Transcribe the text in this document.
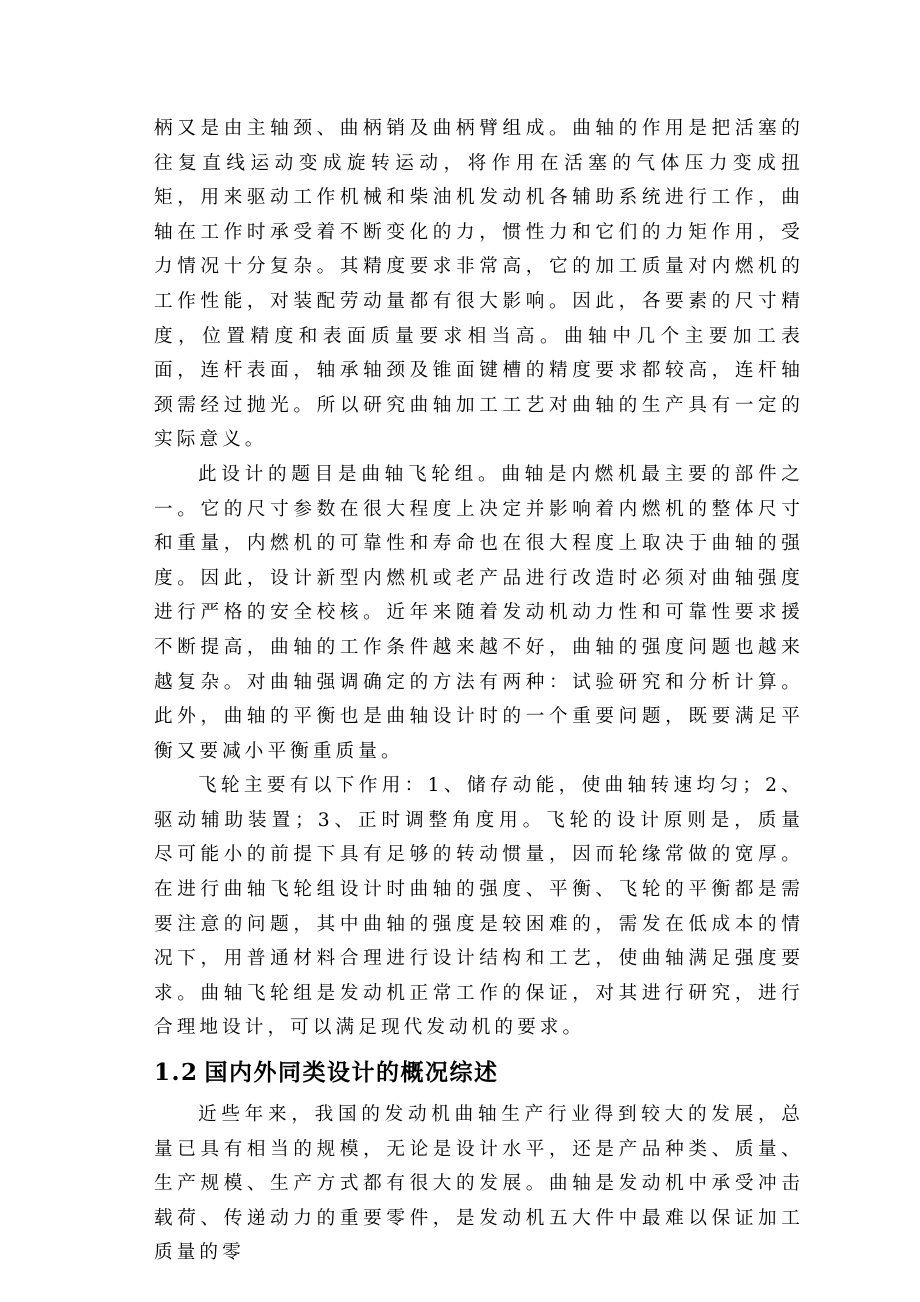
柄又是由主轴颈、曲柄销及曲柄臂组成。曲轴的作用是把活塞的往复直线运动变成旋转运动，将作用在活塞的气体压力变成扭矩，用来驱动工作机械和柴油机发动机各辅助系统进行工作，曲轴在工作时承受着不断变化的力，惯性力和它们的力矩作用，受力情况十分复杂。其精度要求非常高，它的加工质量对内燃机的工作性能，对装配劳动量都有很大影响。因此，各要素的尺寸精度，位置精度和表面质量要求相当高。曲轴中几个主要加工表面，连杆表面，轴承轴颈及锥面键槽的精度要求都较高，连杆轴颈需经过抛光。所以研究曲轴加工工艺对曲轴的生产具有一定的实际意义。

此设计的题目是曲轴飞轮组。曲轴是内燃机最主要的部件之一。它的尺寸参数在很大程度上决定并影响着内燃机的整体尺寸和重量，内燃机的可靠性和寿命也在很大程度上取决于曲轴的强度。因此，设计新型内燃机或老产品进行改造时必须对曲轴强度进行严格的安全校核。近年来随着发动机动力性和可靠性要求援不断提高，曲轴的工作条件越来越不好，曲轴的强度问题也越来越复杂。对曲轴强调确定的方法有两种：试验研究和分析计算。此外，曲轴的平衡也是曲轴设计时的一个重要问题，既要满足平衡又要减小平衡重质量。

飞轮主要有以下作用：1、储存动能，使曲轴转速均匀；2、驱动辅助装置；3、正时调整角度用。飞轮的设计原则是，质量尽可能小的前提下具有足够的转动惯量，因而轮缘常做的宽厚。在进行曲轴飞轮组设计时曲轴的强度、平衡、飞轮的平衡都是需要注意的问题，其中曲轴的强度是较困难的，需发在低成本的情况下，用普通材料合理进行设计结构和工艺，使曲轴满足强度要求。曲轴飞轮组是发动机正常工作的保证，对其进行研究，进行合理地设计，可以满足现代发动机的要求。

1.2 国内外同类设计的概况综述

近些年来，我国的发动机曲轴生产行业得到较大的发展，总量已具有相当的规模，无论是设计水平，还是产品种类、质量、生产规模、生产方式都有很大的发展。曲轴是发动机中承受冲击载荷、传递动力的重要零件，是发动机五大件中最难以保证加工质量的零
